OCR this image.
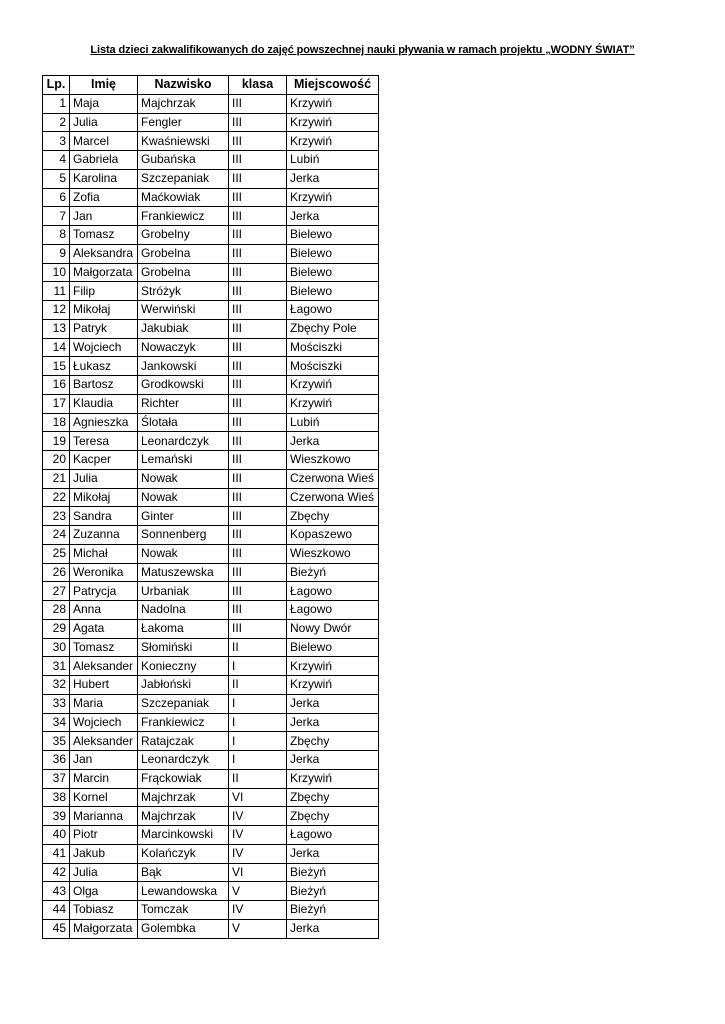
Lista dzieci zakwalifikowanych do zajęć powszechnej nauki pływania w ramach projektu „WODNY ŚWIAT”
Lp.	Imię	Nazwisko	klasa	Miejscowość
1	Maja	Majchrzak	III	Krzywiń
2	Julia	Fengler	III	Krzywiń
3	Marcel	Kwaśniewski	III	Krzywiń
4	Gabriela	Gubańska	III	Lubiń
5	Karolina	Szczepaniak	III	Jerka
6	Zofia	Maćkowiak	III	Krzywiń
7	Jan	Frankiewicz	III	Jerka
8	Tomasz	Grobelny	III	Bielewo
9	Aleksandra	Grobelna	III	Bielewo
10	Małgorzata	Grobelna	III	Bielewo
11	Filip	Stróżyk	III	Bielewo
12	Mikołaj	Werwiński	III	Łagowo
13	Patryk	Jakubiak	III	Zbęchy Pole
14	Wojciech	Nowaczyk	III	Mościszki
15	Łukasz	Jankowski	III	Mościszki
16	Bartosz	Grodkowski	III	Krzywiń
17	Klaudia	Richter	III	Krzywiń
18	Agnieszka	Ślotała	III	Lubiń
19	Teresa	Leonardczyk	III	Jerka
20	Kacper	Lemański	III	Wieszkowo
21	Julia	Nowak	III	Czerwona Wieś
22	Mikołaj	Nowak	III	Czerwona Wieś
23	Sandra	Ginter	III	Zbęchy
24	Zuzanna	Sonnenberg	III	Kopaszewo
25	Michał	Nowak	III	Wieszkowo
26	Weronika	Matuszewska	III	Bieżyń
27	Patrycja	Urbaniak	III	Łagowo
28	Anna	Nadolna	III	Łagowo
29	Agata	Łakoma	III	Nowy Dwór
30	Tomasz	Słomiński	II	Bielewo
31	Aleksander	Konieczny	I	Krzywiń
32	Hubert	Jabłoński	II	Krzywiń
33	Maria	Szczepaniak	I	Jerka
34	Wojciech	Frankiewicz	I	Jerka
35	Aleksander	Ratajczak	I	Zbęchy
36	Jan	Leonardczyk	I	Jerka
37	Marcin	Frąckowiak	II	Krzywiń
38	Kornel	Majchrzak	VI	Zbęchy
39	Marianna	Majchrzak	IV	Zbęchy
40	Piotr	Marcinkowski	IV	Łagowo
41	Jakub	Kolańczyk	IV	Jerka
42	Julia	Bąk	VI	Bieżyń
43	Olga	Lewandowska	V	Bieżyń
44	Tobiasz	Tomczak	IV	Bieżyń
45	Małgorzata	Golembka	V	Jerka
